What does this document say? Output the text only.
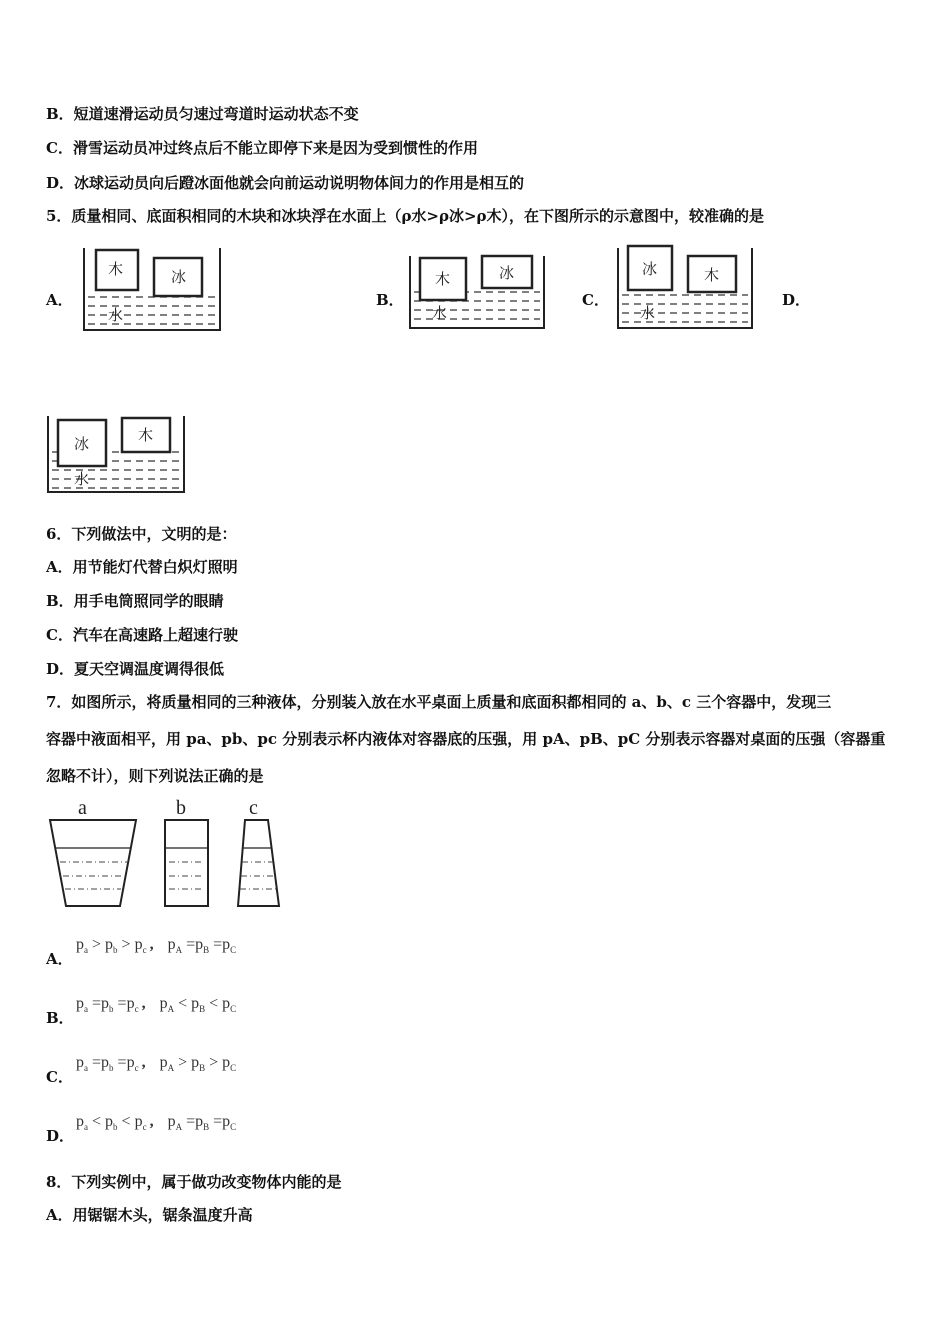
B．短道速滑运动员匀速过弯道时运动状态不变
C．滑雪运动员冲过终点后不能立即停下来是因为受到惯性的作用
D．冰球运动员向后蹬冰面他就会向前运动说明物体间力的作用是相互的
5．质量相同、底面积相同的木块和冰块浮在水面上（ρ水>ρ冰>ρ木），在下图所示的示意图中，较准确的是
A．
木	冰
水
B．
木	冰
水
C．
冰	木
水
D．
冰	木
水
6．下列做法中，文明的是：
A．用节能灯代替白炽灯照明
B．用手电筒照同学的眼睛
C．汽车在高速路上超速行驶
D．夏天空调温度调得很低
7．如图所示，将质量相同的三种液体，分别装入放在水平桌面上质量和底面积都相同的 a、b、c 三个容器中，发现三
容器中液面相平，用 pa、pb、pc 分别表示杯内液体对容器底的压强，用 pA、pB、pC 分别表示容器对桌面的压强（容器重
忽略不计），则下列说法正确的是
a	b	c
A．
$p_a > p_b > p_c$ , $p_A =p_B =p_C$
B．
$p_a =p_b =p_c$ , $p_A < p_B < p_C$
C．
$p_a =p_b =p_c$ , $p_A > p_B > p_C$
D．
$p_a < p_b < p_c$ , $p_A =p_B =p_C$
8．下列实例中，属于做功改变物体内能的是
A．用锯锯木头，锯条温度升高
